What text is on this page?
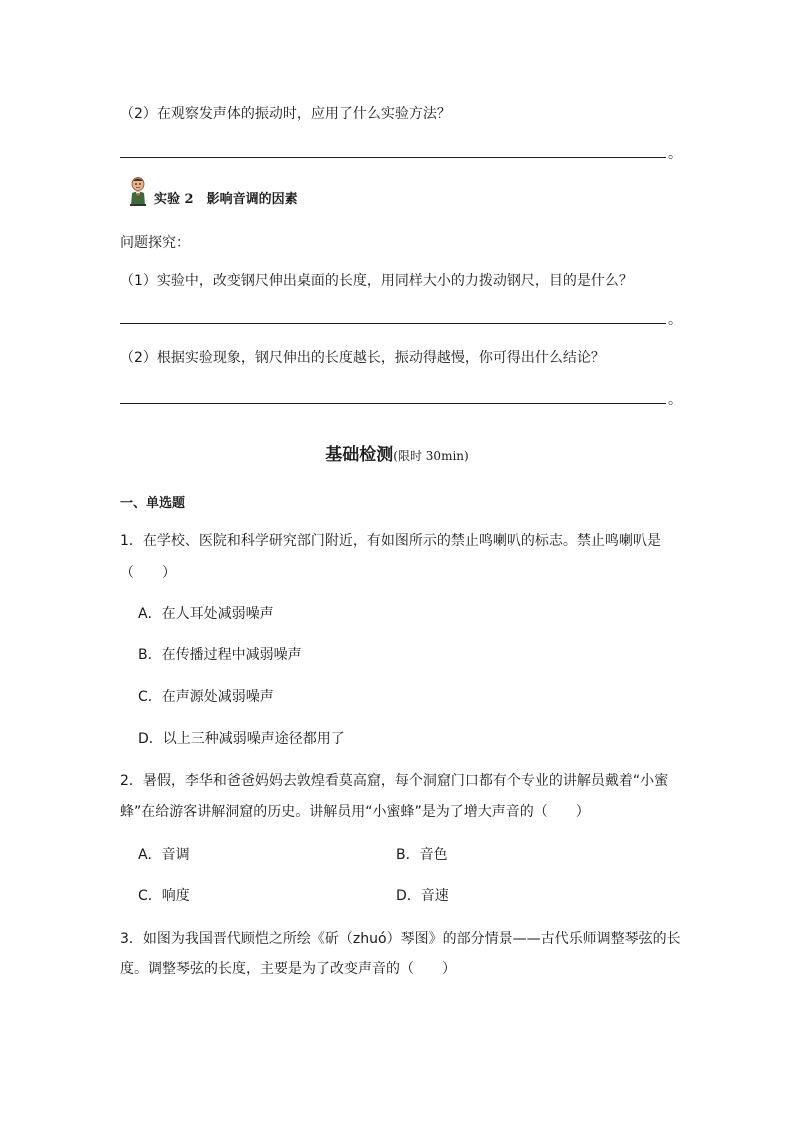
（2）在观察发声体的振动时，应用了什么实验方法？
。
实验 2　影响音调的因素
问题探究：
（1）实验中，改变钢尺伸出桌面的长度，用同样大小的力拨动钢尺，目的是什么？
。
（2）根据实验现象，钢尺伸出的长度越长，振动得越慢，你可得出什么结论？
。
基础检测(限时 30min)
一、单选题
1．在学校、医院和科学研究部门附近，有如图所示的禁止鸣喇叭的标志。禁止鸣喇叭是
（　　）
A．在人耳处减弱噪声
B．在传播过程中减弱噪声
C．在声源处减弱噪声
D．以上三种减弱噪声途径都用了
2．暑假，李华和爸爸妈妈去敦煌看莫高窟，每个洞窟门口都有个专业的讲解员戴着“小蜜
蜂”在给游客讲解洞窟的历史。讲解员用“小蜜蜂”是为了增大声音的（　　）
A．音调	B．音色
C．响度	D．音速
3．如图为我国晋代顾恺之所绘《斫（zhuó）琴图》的部分情景——古代乐师调整琴弦的长
度。调整琴弦的长度，主要是为了改变声音的（　　）
